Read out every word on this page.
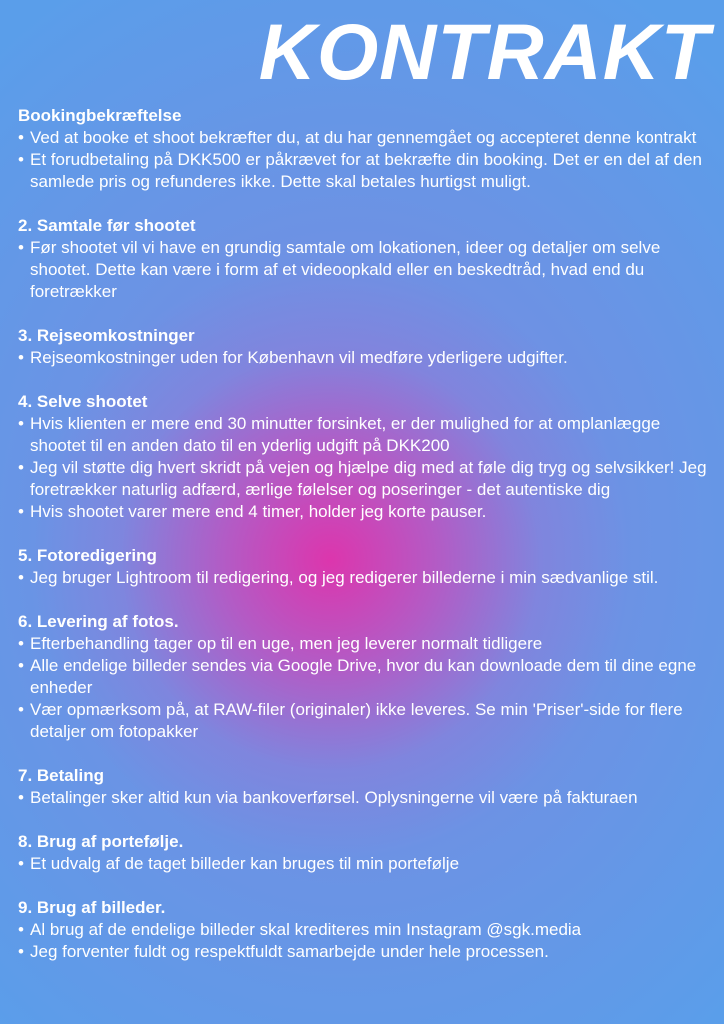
KONTRAKT
Bookingbekræftelse
• Ved at booke et shoot bekræfter du, at du har gennemgået og accepteret denne kontrakt
• Et forudbetaling på DKK500 er påkrævet for at bekræfte din booking. Det er en del af den samlede pris og refunderes ikke. Dette skal betales hurtigst muligt.
2. Samtale før shootet
• Før shootet vil vi have en grundig samtale om lokationen, ideer og detaljer om selve shootet. Dette kan være i form af et videoopkald eller en beskedtråd, hvad end du foretrækker
3. Rejseomkostninger
• Rejseomkostninger uden for København vil medføre yderligere udgifter.
4. Selve shootet
• Hvis klienten er mere end 30 minutter forsinket, er der mulighed for at omplanlægge shootet til en anden dato til en yderlig udgift på DKK200
• Jeg vil støtte dig hvert skridt på vejen og hjælpe dig med at føle dig tryg og selvsikker! Jeg foretrækker naturlig adfærd, ærlige følelser og poseringer - det autentiske dig
• Hvis shootet varer mere end 4 timer, holder jeg korte pauser.
5. Fotoredigering
• Jeg bruger Lightroom til redigering, og jeg redigerer billederne i min sædvanlige stil.
6. Levering af fotos.
• Efterbehandling tager op til en uge, men jeg leverer normalt tidligere
• Alle endelige billeder sendes via Google Drive, hvor du kan downloade dem til dine egne enheder
• Vær opmærksom på, at RAW-filer (originaler) ikke leveres. Se min 'Priser'-side for flere detaljer om fotopakker
7. Betaling
• Betalinger sker altid kun via bankoverførsel. Oplysningerne vil være på fakturaen
8. Brug af portefølje.
• Et udvalg af de taget billeder kan bruges til min portefølje
9. Brug af billeder.
• Al brug af de endelige billeder skal krediteres min Instagram @sgk.media
• Jeg forventer fuldt og respektfuldt samarbejde under hele processen.
